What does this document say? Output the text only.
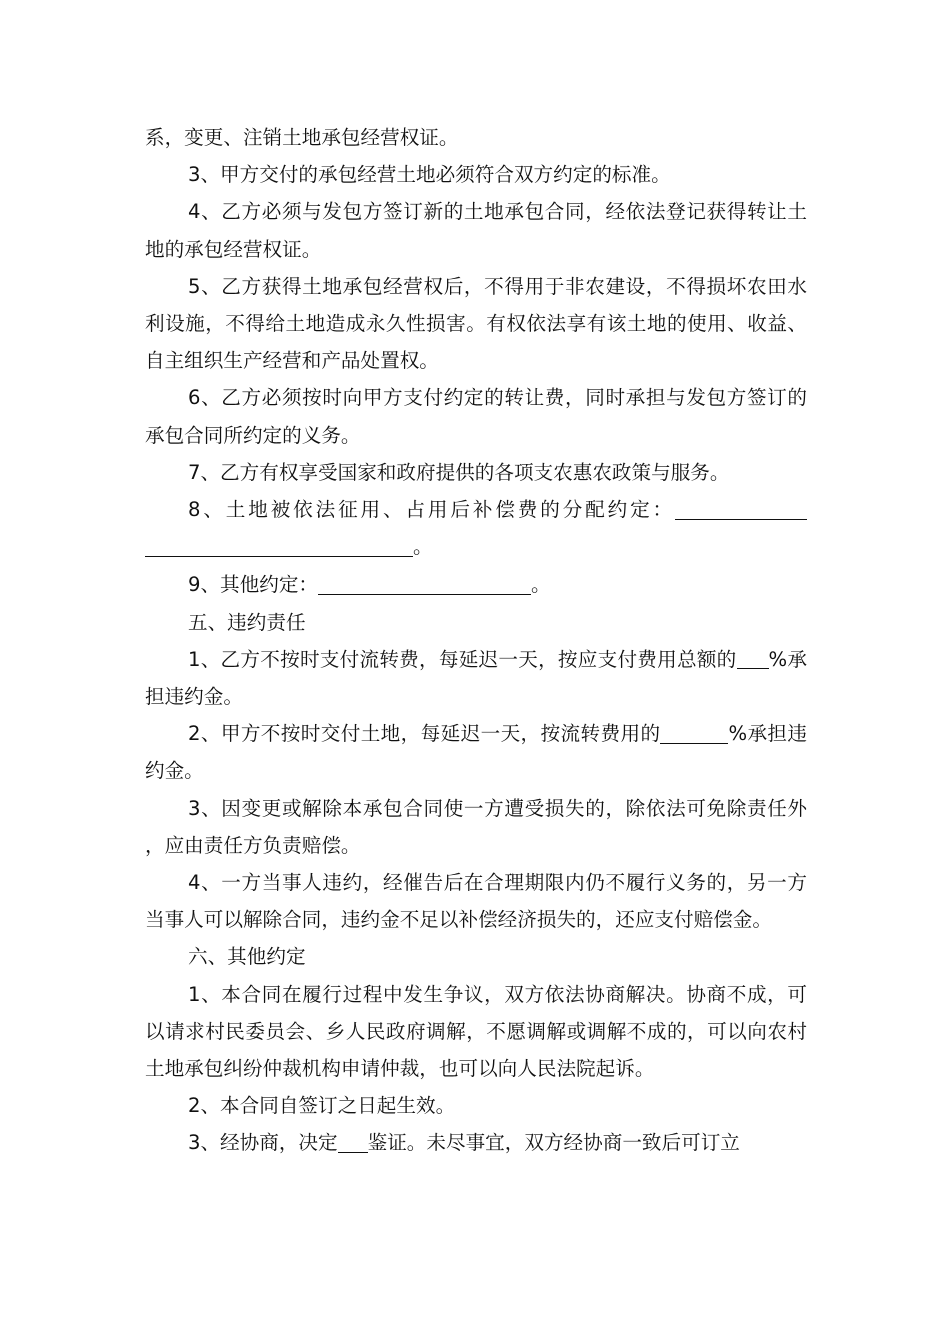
系，变更、注销土地承包经营权证。

3、甲方交付的承包经营土地必须符合双方约定的标准。

4、乙方必须与发包方签订新的土地承包合同，经依法登记获得转让土地的承包经营权证。

5、乙方获得土地承包经营权后，不得用于非农建设，不得损坏农田水利设施，不得给土地造成永久性损害。有权依法享有该土地的使用、收益、自主组织生产经营和产品处置权。

6、乙方必须按时向甲方支付约定的转让费，同时承担与发包方签订的承包合同所约定的义务。

7、乙方有权享受国家和政府提供的各项支农惠农政策与服务。

8、土地被依法征用、占用后补偿费的分配约定：。

9、其他约定：	。

五、违约责任

1、乙方不按时支付流转费，每延迟一天，按应支付费用总额的 %承担违约金。

2、甲方不按时交付土地，每延迟一天，按流转费用的	%承担违约金。

3、因变更或解除本承包合同使一方遭受损失的，除依法可免除责任外，应由责任方负责赔偿。

4、一方当事人违约，经催告后在合理期限内仍不履行义务的，另一方当事人可以解除合同，违约金不足以补偿经济损失的，还应支付赔偿金。

六、其他约定

1、本合同在履行过程中发生争议，双方依法协商解决。协商不成，可以请求村民委员会、乡人民政府调解，不愿调解或调解不成的，可以向农村土地承包纠纷仲裁机构申请仲裁，也可以向人民法院起诉。

2、本合同自签订之日起生效。

3、经协商，决定 鉴证。未尽事宜，双方经协商一致后可订立
